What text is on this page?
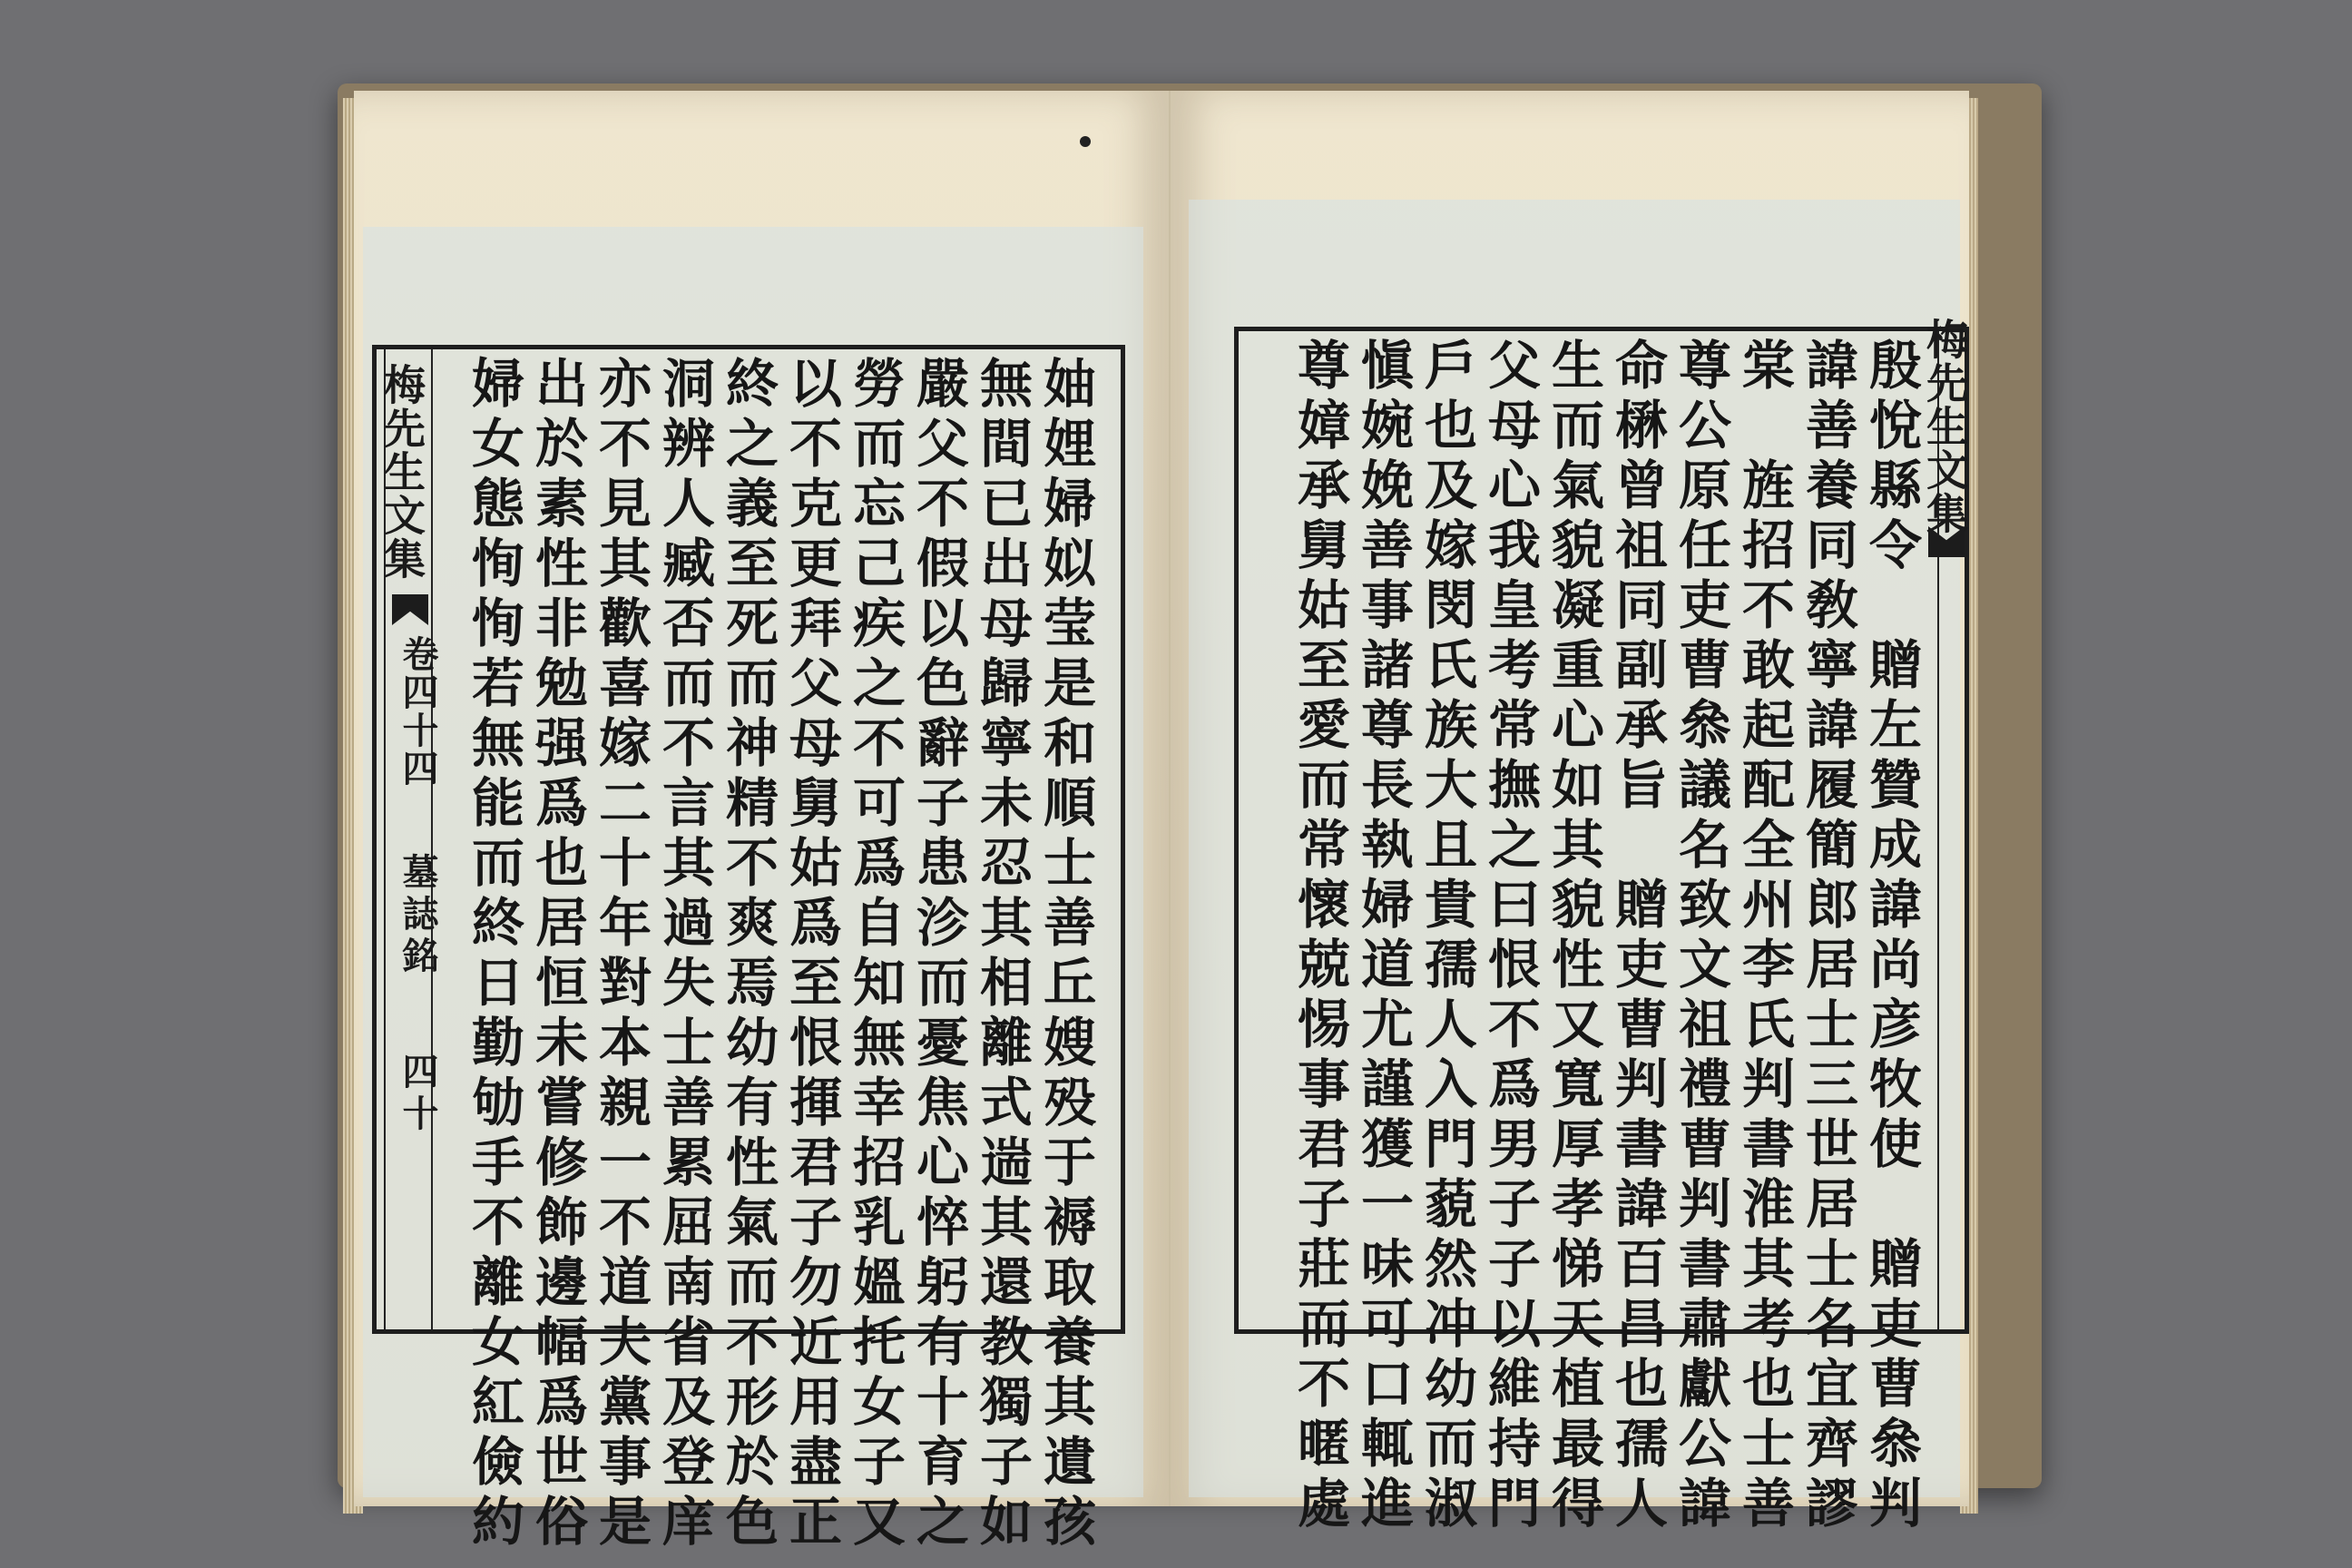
梅先生文集
卷四十四
墓誌銘
四十	妯娌婦姒莹是和順士善丘嫂殁于褥取養其遺孩
無間已出母歸寧未忍其相離式遄其還教獨子如
嚴父不假以色辭子患沴而憂焦心悴躬有十育之
勞而忘己疾之不可爲自知無幸招乳媼托女子又
以不克更拜父母舅姑爲至恨揮君子勿近用盡正
終之義至死而神精不爽焉幼有性氣而不形於色
洞辨人臧否而不言其過失士善累屈南省及登庠
亦不見其歡喜嫁二十年對本親一不道夫黨事是
出於素性非勉强爲也居恒未嘗修飾邊幅爲世俗
婦女態恂恂若無能而終日勤劬手不離女紅儉約	梅先生文集
殷悅縣令　贈左贊成諱尚彦牧使　贈吏曹叅判
諱善養同敎寧諱履簡郎居士三世居士名宜齊謬
棠　旌招不敢起配全州李氏判書淮其考也士善
尊公原任吏曹叅議名致文祖禮曹判書肅獻公諱
命楙曾祖同副承旨　贈吏曹判書諱百昌也孺人
生而氣貌凝重心如其貌性又寬厚孝悌天植最得
父母心我皇考常撫之曰恨不爲男子子以維持門
戶也及嫁閔氏族大且貴孺人入門藐然冲幼而淑
愼婉娩善事諸尊長執婦道尤謹獲一味可口輒進
尊嫜承舅姑至愛而常懷兢惕事君子莊而不暱處
